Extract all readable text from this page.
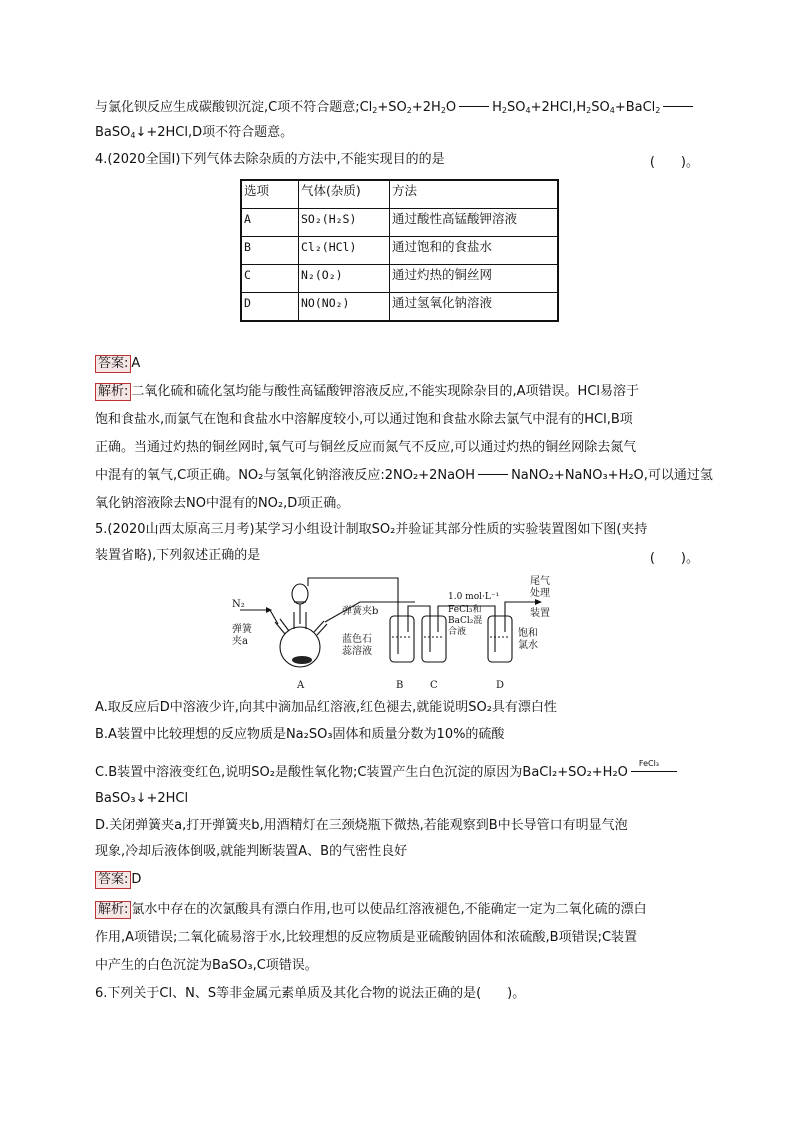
与氯化钡反应生成碳酸钡沉淀,C项不符合题意$;Cl_2+SO_2+2H_2O$	$H_2SO_4+2HCl,H_2SO_4+BaCl_2$
BaSO$_4$↓+2HCl,D项不符合题意。
4.(2020全国Ⅰ)下列气体去除杂质的方法中,不能实现目的的是	(　　)。
选项	气体(杂质)	方法
A	SO₂(H₂S)	通过酸性高锰酸钾溶液
B	Cl₂(HCl)	通过饱和的食盐水
C	N₂(O₂)	通过灼热的铜丝网
D	NO(NO₂)	通过氢氧化钠溶液
答案: A
解析: 二氧化硫和硫化氢均能与酸性高锰酸钾溶液反应,不能实现除杂目的,A项错误。HCl易溶于
饱和食盐水,而氯气在饱和食盐水中溶解度较小,可以通过饱和食盐水除去氯气中混有的HCl,B项
正确。当通过灼热的铜丝网时,氧气可与铜丝反应而氮气不反应,可以通过灼热的铜丝网除去氮气
中混有的氧气,C项正确。NO₂与氢氧化钠溶液反应:2NO₂+2NaOH	NaNO₂+NaNO₃+H₂O,可以通过氢
氧化钠溶液除去NO中混有的NO₂,D项正确。
5.(2020山西太原高三月考)某学习小组设计制取SO₂并验证其部分性质的实验装置图如下图(夹持
装置省略),下列叙述正确的是	(　　)。
N₂
弹簧
夹a
弹簧夹b
蓝色石
蕊溶液
1.0 mol·L⁻¹
FeCl₃和
BaCl₂混
合液	饱和
氯水
尾气
处理
装置
A	B	C	D
A.取反应后D中溶液少许,向其中滴加品红溶液,红色褪去,就能说明SO₂具有漂白性
B.A装置中比较理想的反应物质是Na₂SO₃固体和质量分数为10%的硫酸
C.B装置中溶液变红色,说明SO₂是酸性氧化物;C装置产生白色沉淀的原因为BaCl₂+SO₂+H₂O
FeCl₃
BaSO₃↓+2HCl
D.关闭弹簧夹a,打开弹簧夹b,用酒精灯在三颈烧瓶下微热,若能观察到B中长导管口有明显气泡
现象,冷却后液体倒吸,就能判断装置A、B的气密性良好
答案: D
解析: 氯水中存在的次氯酸具有漂白作用,也可以使品红溶液褪色,不能确定一定为二氧化硫的漂白
作用,A项错误;二氧化硫易溶于水,比较理想的反应物质是亚硫酸钠固体和浓硫酸,B项错误;C装置
中产生的白色沉淀为BaSO₃,C项错误。
6.下列关于Cl、N、S等非金属元素单质及其化合物的说法正确的是(　　)。
